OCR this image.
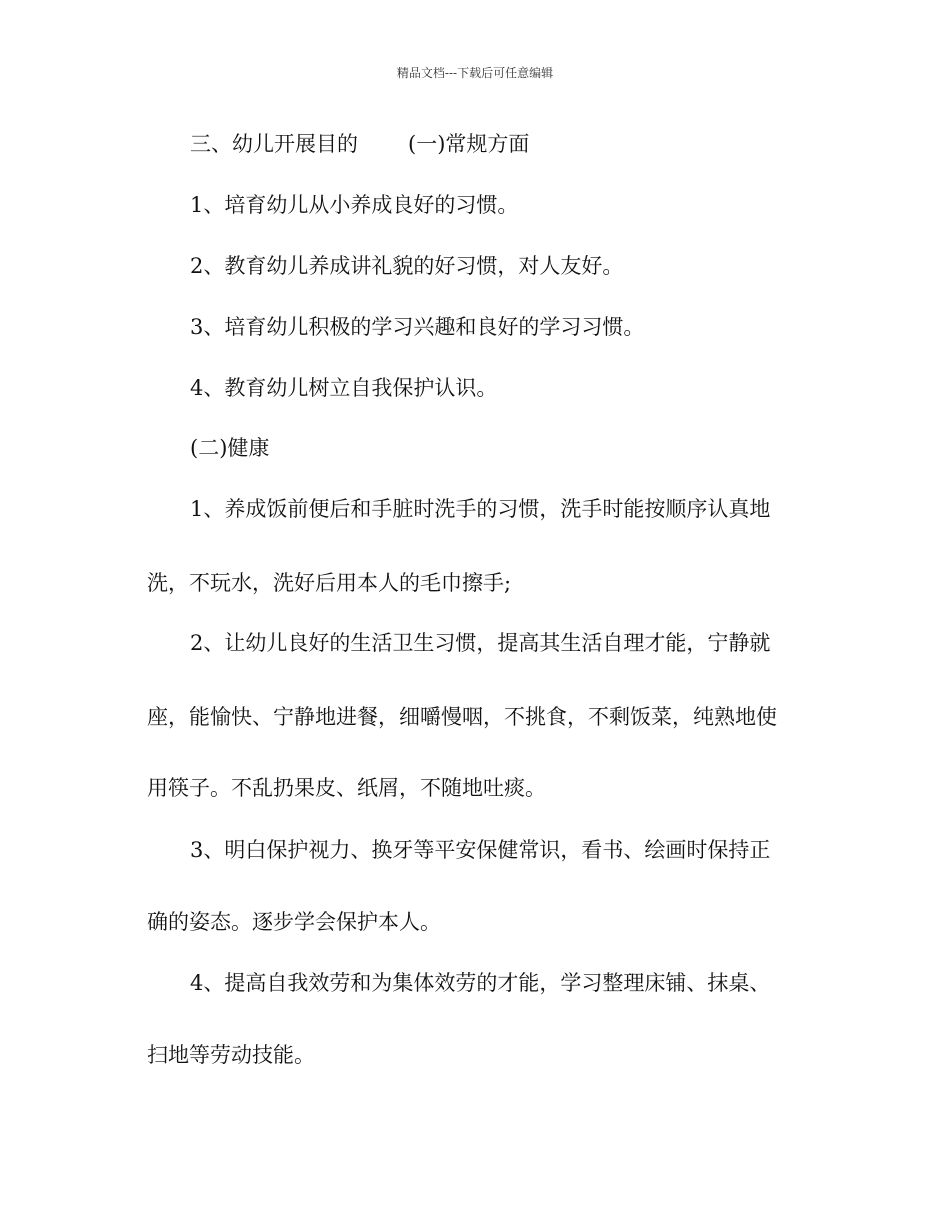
精品文档---下载后可任意编辑
三、幼儿开展目的 (一)常规方面
1、培育幼儿从小养成良好的习惯。
2、教育幼儿养成讲礼貌的好习惯，对人友好。
3、培育幼儿积极的学习兴趣和良好的学习习惯。
4、教育幼儿树立自我保护认识。
(二)健康
1、养成饭前便后和手脏时洗手的习惯，洗手时能按顺序认真地
洗，不玩水，洗好后用本人的毛巾擦手;
2、让幼儿良好的生活卫生习惯，提高其生活自理才能，宁静就
座，能愉快、宁静地进餐，细嚼慢咽，不挑食，不剩饭菜，纯熟地使
用筷子。不乱扔果皮、纸屑，不随地吐痰。
3、明白保护视力、换牙等平安保健常识，看书、绘画时保持正
确的姿态。逐步学会保护本人。
4、提高自我效劳和为集体效劳的才能，学习整理床铺、抹桌、
扫地等劳动技能。
